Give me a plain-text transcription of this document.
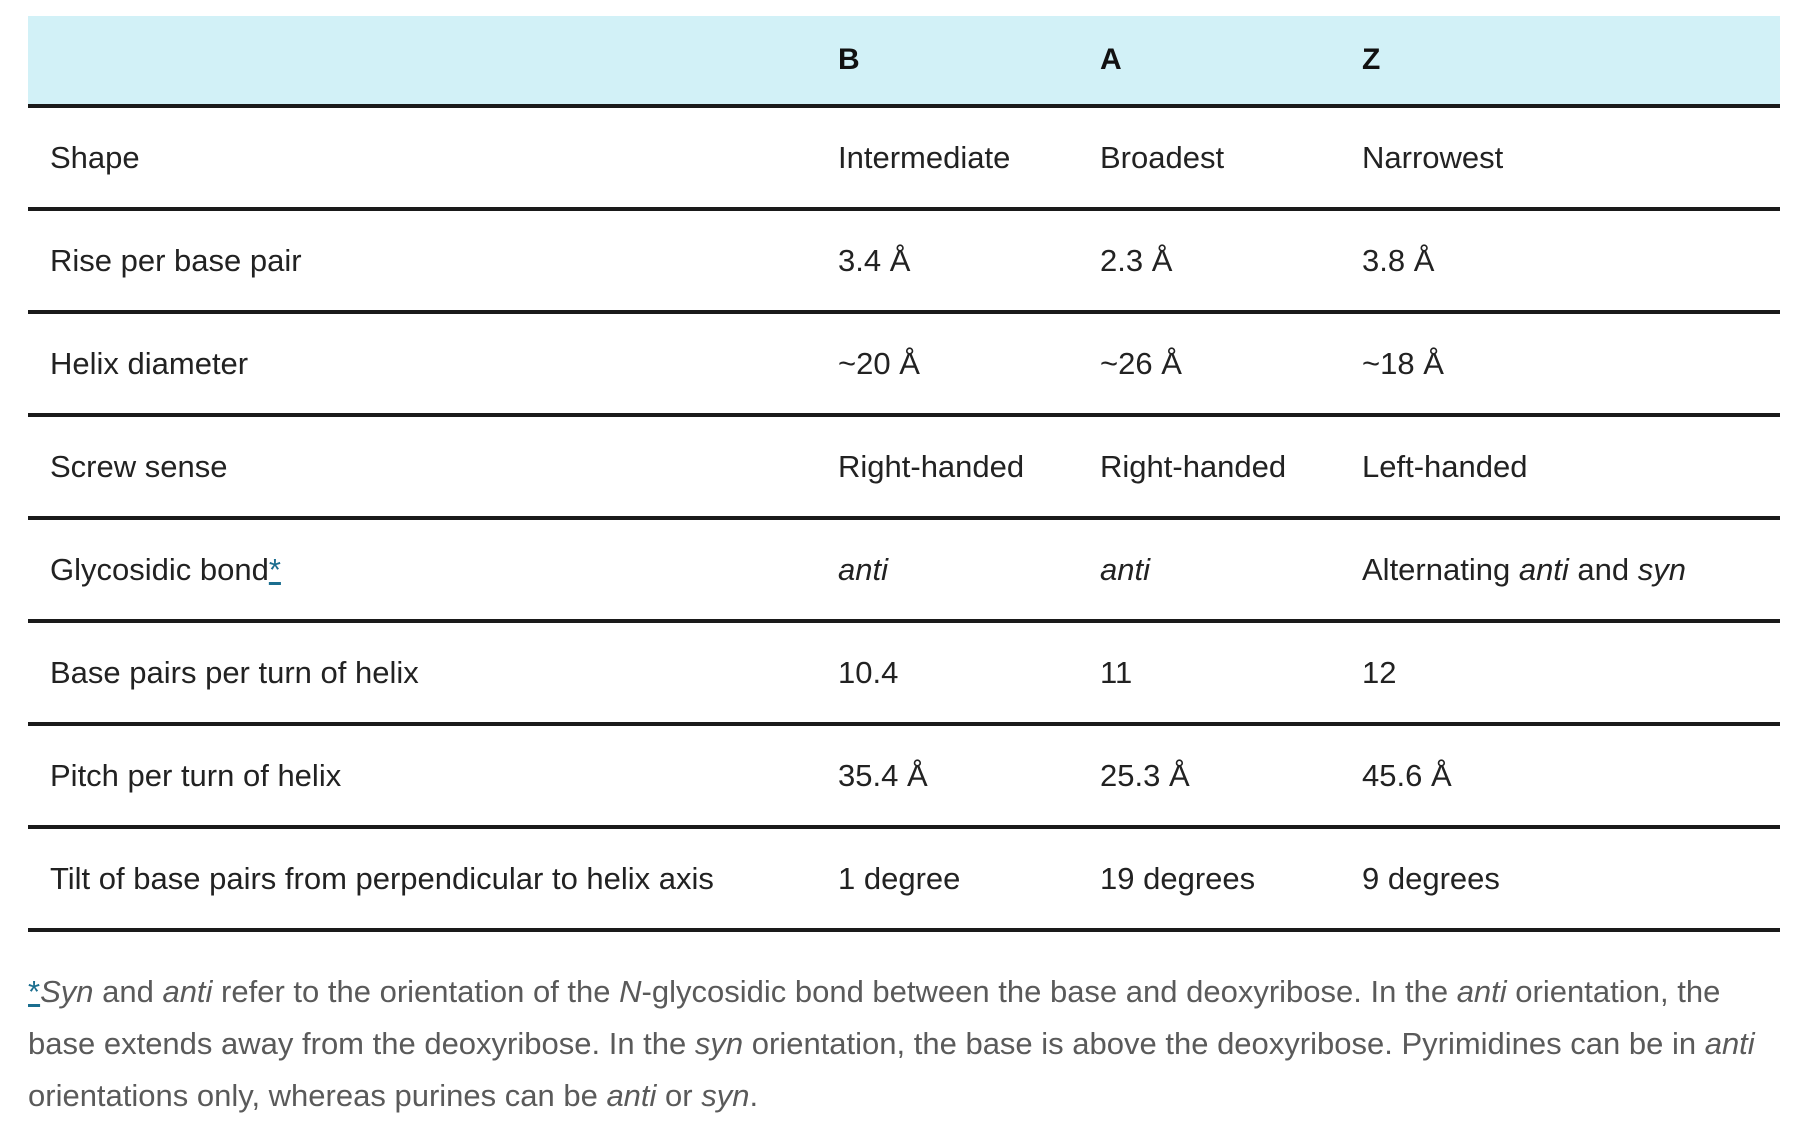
	B	A	Z
Shape	Intermediate	Broadest	Narrowest
Rise per base pair	3.4 Å	2.3 Å	3.8 Å
Helix diameter	~20 Å	~26 Å	~18 Å
Screw sense	Right-handed	Right-handed	Left-handed
Glycosidic bond*	anti	anti	Alternating anti and syn
Base pairs per turn of helix	10.4	11	12
Pitch per turn of helix	35.4 Å	25.3 Å	45.6 Å
Tilt of base pairs from perpendicular to helix axis	1 degree	19 degrees	9 degrees
*Syn and anti refer to the orientation of the N-glycosidic bond between the base and deoxyribose. In the anti orientation, the base extends away from the deoxyribose. In the syn orientation, the base is above the deoxyribose. Pyrimidines can be in anti orientations only, whereas purines can be anti or syn.
